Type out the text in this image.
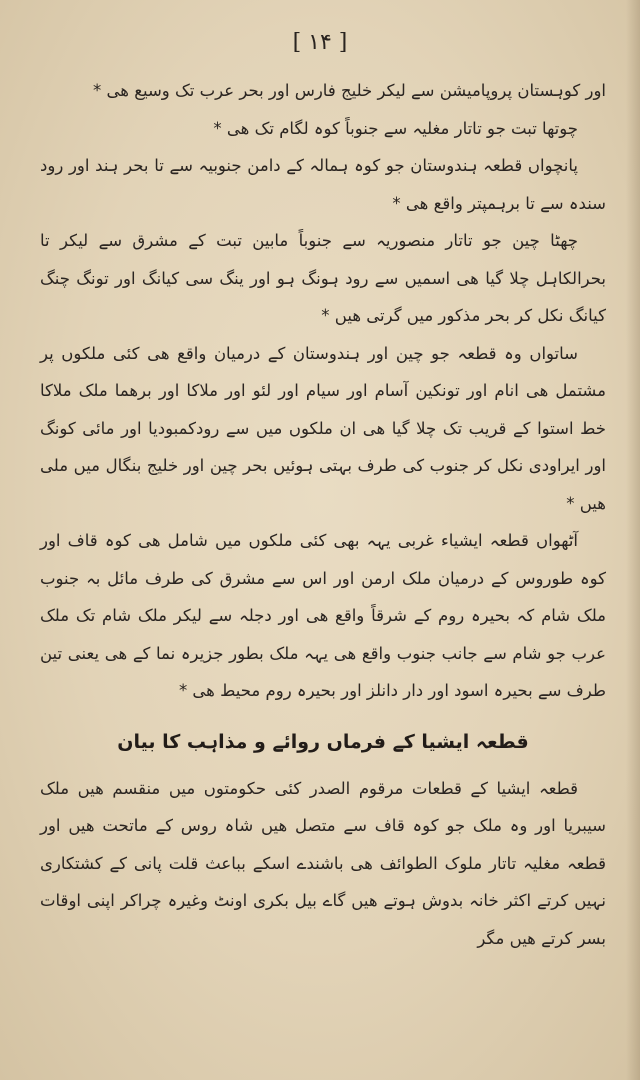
[ ۱۴ ]

اور کوہستان پروپامیشن سے لیکر خلیج فارس اور بحر عرب تک وسیع ھی *

چوتھا تبت جو تاتار مغلیہ سے جنوباً کوہ لگام تک ھی *

پانچواں قطعہ ہندوستان جو کوہ ہمالہ کے دامن جنوبیہ سے تا بحر ہند اور رود سندہ سے تا برہمپتر واقع ھی *

چھٹا چین جو تاتار منصوریہ سے جنوباً مابین تبت کے مشرق سے لیکر تا بحرالکاہل چلا گیا ھی اسمیں سے رود ہونگ ہو اور ینگ سی کیانگ اور تونگ چنگ کیانگ نکل کر بحر مذکور میں گرتی ھیں *

ساتواں وہ قطعہ جو چین اور ہندوستان کے درمیان واقع ھی کئی ملکوں پر مشتمل ھی انام اور تونکین آسام اور سیام اور لئو اور ملاکا اور برھما ملک ملاکا خط استوا کے قریب تک چلا گیا ھی ان ملکوں میں سے رودکمبودیا اور مائی کونگ اور ایراودی نکل کر جنوب کی طرف بہتی ہوئیں بحر چین اور خلیج بنگال میں ملی ھیں *

آٹھواں قطعہ ایشیاء غربی یہہ بھی کئی ملکوں میں شامل ھی کوہ قاف اور کوہ طوروس کے درمیان ملک ارمن اور اس سے مشرق کی طرف مائل بہ جنوب ملک شام کہ بحیرہ روم کے شرقاً واقع ھی اور دجلہ سے لیکر ملک شام تک ملک عرب جو شام سے جانب جنوب واقع ھی یہہ ملک بطور جزیرہ نما کے ھی یعنی تین طرف سے بحیرہ اسود اور دار دانلز اور بحیرہ روم محیط ھی *

قطعہ ایشیا کے فرماں روائے و مذاہب کا بیان

قطعہ ایشیا کے قطعات مرقوم الصدر کئی حکومتوں میں منقسم ھیں ملک سیبریا اور وہ ملک جو کوہ قاف سے متصل ھیں شاہ روس کے ماتحت ھیں اور قطعہ مغلیہ تاتار ملوک الطوائف ھی باشندے اسکے بباعث قلت پانی کے کشتکاری نہیں کرتے اکثر خانہ بدوش ہوتے ھیں گاے بیل بکری اونٹ وغیرہ چراکر اپنی اوقات بسر کرتے ھیں مگر
